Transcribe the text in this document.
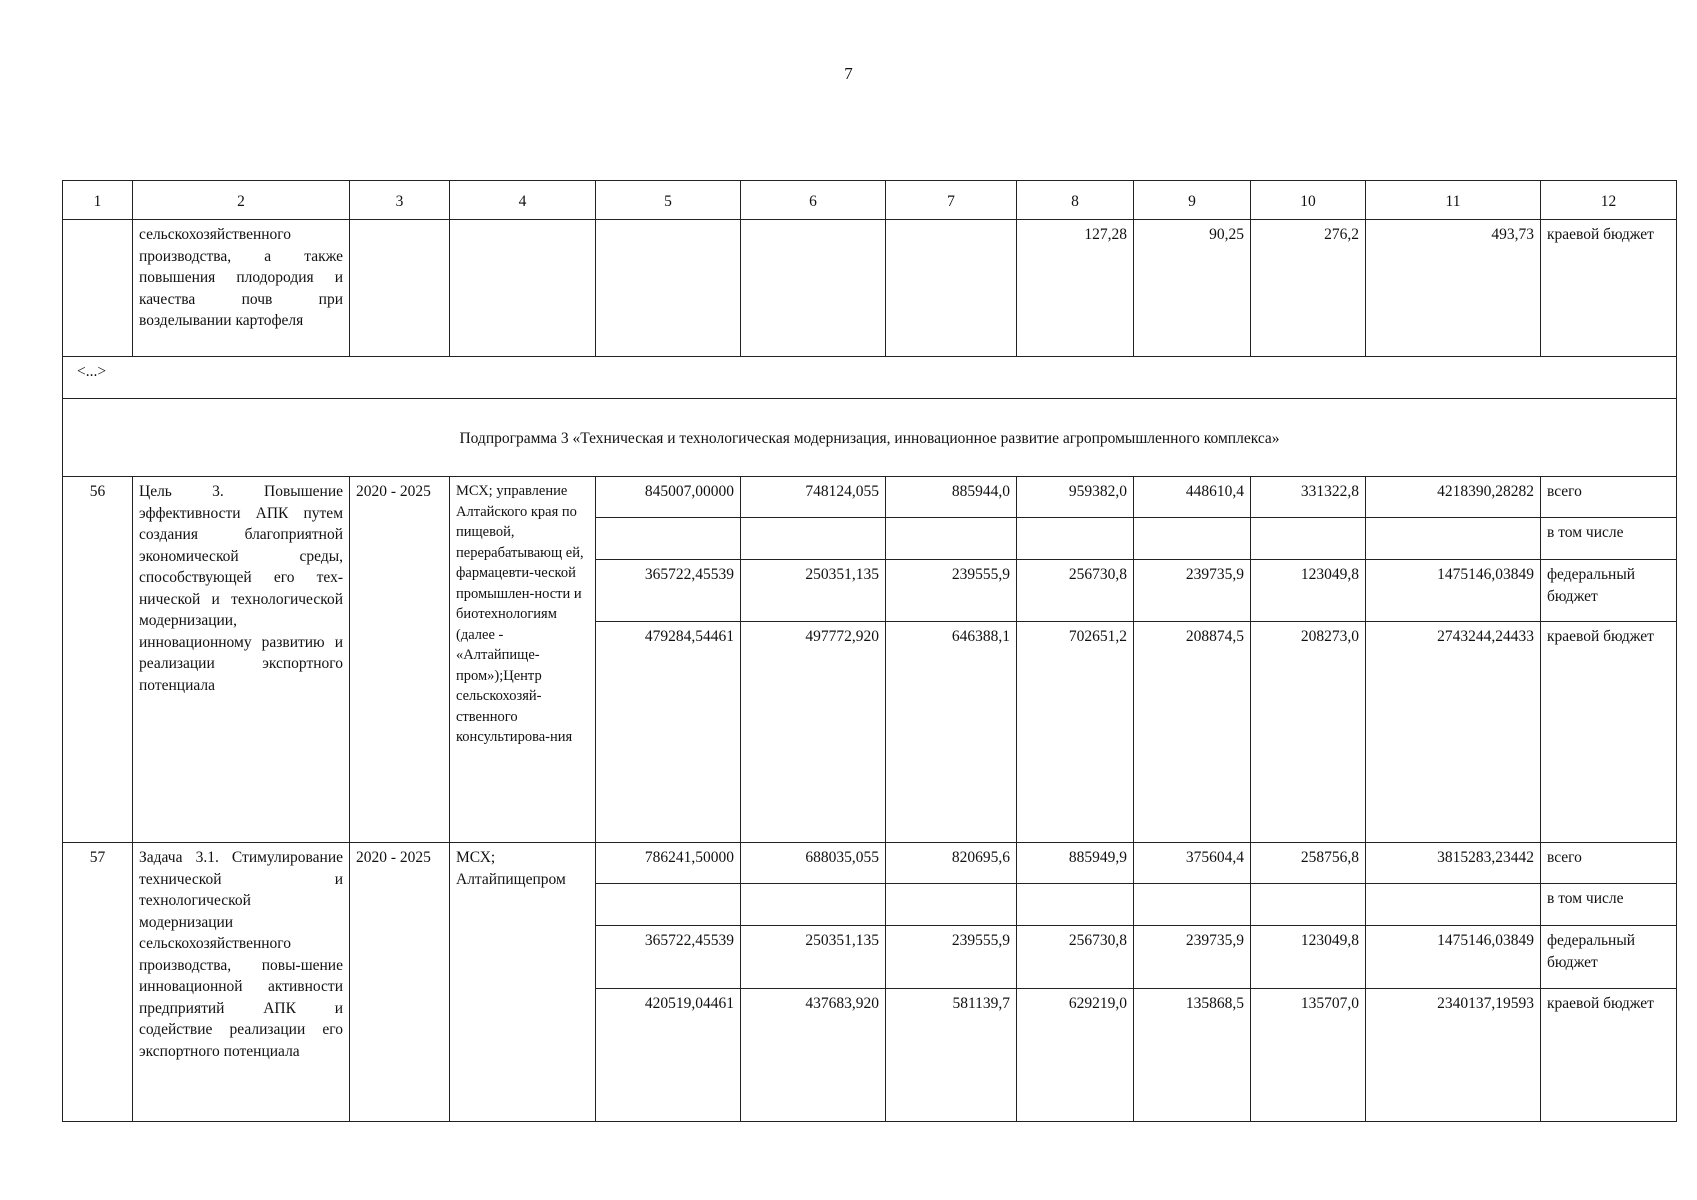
7
1	2	3	4	5	6	7	8	9	10	11	12
	сельскохозяйственного производства, а также повышения плодородия и качества почв при возделывании картофеля						127,28	90,25	276,2	493,73	краевой бюджет
<...>											
Подпрограмма 3 «Техническая и технологическая модернизация, инновационное развитие агропромышленного комплекса»											
56	Цель 3. Повышение эффективности АПК путем создания благоприятной экономической среды, способствующей его тех-нической и технологической модернизации, инновационному развитию и реализации экспортного потенциала	2020 - 2025	МСХ; управление Алтайского края по пищевой, перерабатывающ ей, фармацевти-ческой промышлен-ности и биотехнологиям (далее - «Алтайпище-пром»);Центр сельскохозяй-ственного консультирова-ния	845007,00000	748124,055	885944,0	959382,0	448610,4	331322,8	4218390,28282	всего
											в том числе
				365722,45539	250351,135	239555,9	256730,8	239735,9	123049,8	1475146,03849	федеральный бюджет
				479284,54461	497772,920	646388,1	702651,2	208874,5	208273,0	2743244,24433	краевой бюджет
57	Задача 3.1. Стимулирование технической и технологической модернизации сельскохозяйственного производства, повы-шение инновационной активности предприятий АПК и содействие реализации его экспортного потенциала	2020 - 2025	МСХ; Алтайпищепром	786241,50000	688035,055	820695,6	885949,9	375604,4	258756,8	3815283,23442	всего
											в том числе
				365722,45539	250351,135	239555,9	256730,8	239735,9	123049,8	1475146,03849	федеральный бюджет
				420519,04461	437683,920	581139,7	629219,0	135868,5	135707,0	2340137,19593	краевой бюджет
